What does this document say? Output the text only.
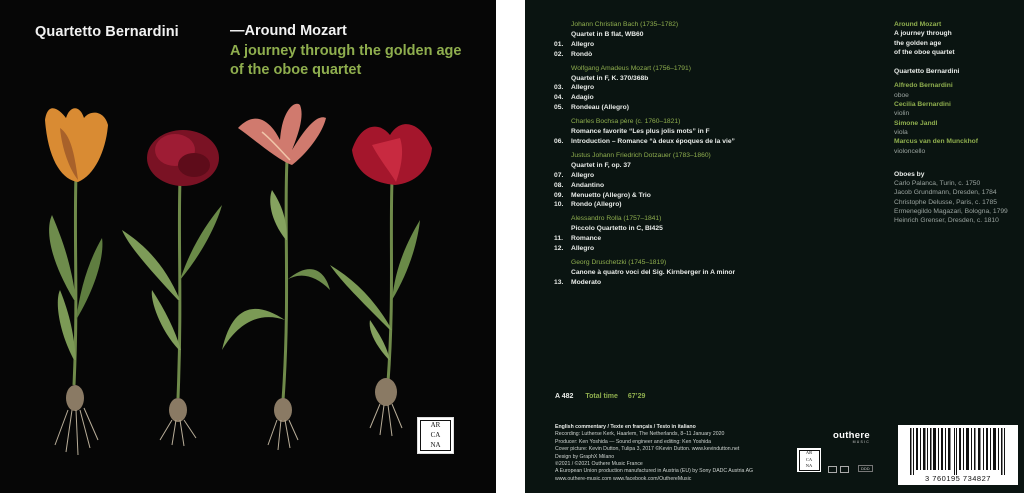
Quartetto Bernardini	—Around Mozart
A journey through the golden age
of the oboe quartet
AR
CA
NA
Johann Christian Bach (1735–1782)
Quartet in B flat, WB60
01.	Allegro
02.	Rondò
Wolfgang Amadeus Mozart (1756–1791)
Quartet in F, K. 370/368b
03.	Allegro
04.	Adagio
05.	Rondeau (Allegro)
Charles Bochsa père (c. 1760–1821)
Romance favorite “Les plus jolis mots” in F
06.	Introduction – Romance “à deux époques de la vie”
Justus Johann Friedrich Dotzauer (1783–1860)
Quartet in F, op. 37
07.	Allegro
08.	Andantino
09.	Menuetto (Allegro) & Trio
10.	Rondo (Allegro)
Alessandro Rolla (1757–1841)
Piccolo Quartetto in C, BI425
11.	Romance
12.	Allegro
Georg Druschetzki (1745–1819)
Canone à quatro voci del Sig. Kirnberger in A minor
13.	Moderato
Around Mozart
A journey through
the golden age
of the oboe quartet
Quartetto Bernardini
Alfredo Bernardini
oboe
Cecilia Bernardini
violin
Simone Jandl
viola
Marcus van den Munckhof
violoncello
Oboes by
Carlo Palanca, Turin, c. 1750
Jacob Grundmann, Dresden, 1784
Christophe Delusse, Paris, c. 1785
Ermenegildo Magazari, Bologna, 1799
Heinrich Grenser, Dresden, c. 1810
A 482 Total time 67’29
English commentary / Texte en français / Testo in italiano
Recording: Lutherse Kerk, Haarlem, The Netherlands, 8–11 January 2020
Producer: Ken Yoshida — Sound engineer and editing: Ken Yoshida
Cover picture: Kevin Dutton, Tulipa 3, 2017 ©Kevin Dutton. www.kevindutton.net
Design by GraphX Milano
℗2021 / ©2021 Outhere Music France
A European Union production manufactured in Austria (EU) by Sony DADC Austria AG
www.outhere-music.com www.facebook.com/OuthereMusic
outhere
MUSIC
AR
CA
NA
DDD
3 760195 734827
